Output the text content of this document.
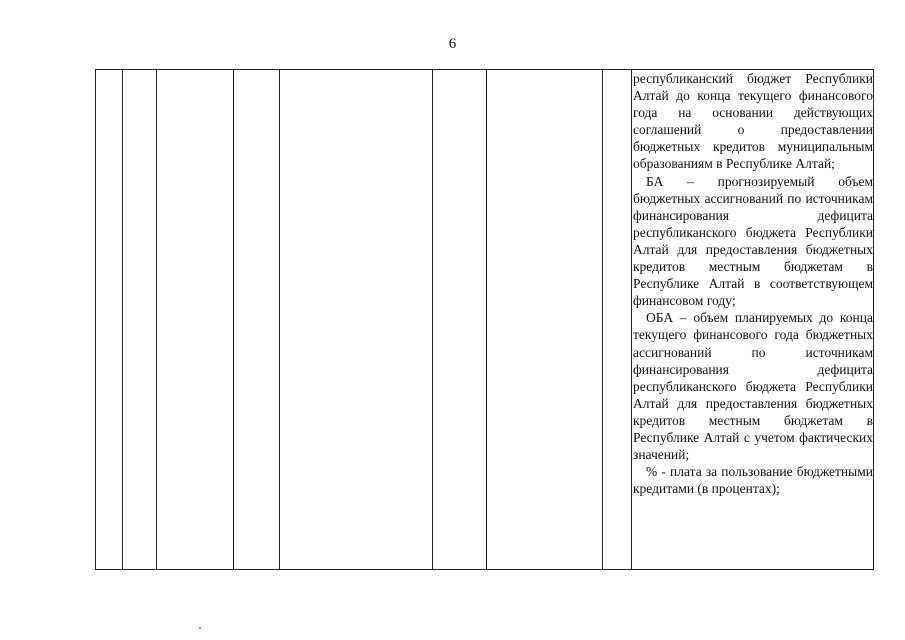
6

республиканский бюджет Республики Алтай до конца текущего финансового года на основании действующих соглашений о предоставлении бюджетных кредитов муниципальным образованиям в Республике Алтай;

БА – прогнозируемый объем бюджетных ассигнований по источникам финансирования дефицита республиканского бюджета Республики Алтай для предоставления бюджетных кредитов местным бюджетам в Республике Алтай в соответствующем финансовом году;

ОБА – объем планируемых до конца текущего финансового года бюджетных ассигнований по источникам финансирования дефицита республиканского бюджета Республики Алтай для предоставления бюджетных кредитов местным бюджетам в Республике Алтай с учетом фактических значений;

% - плата за пользование бюджетными кредитами (в процентах);
